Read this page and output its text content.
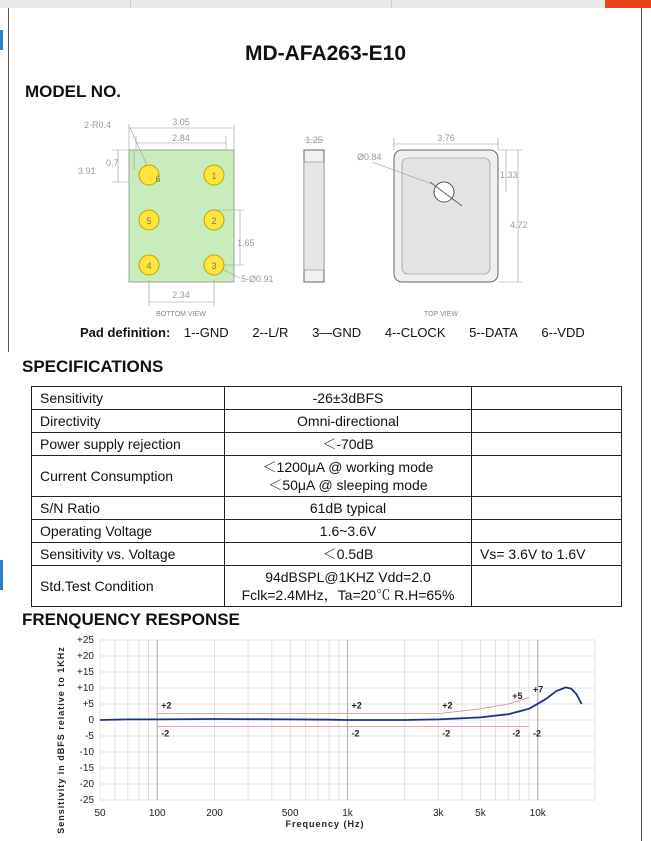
MD-AFA263-E10
MODEL NO.
1
5	2
4	3
6
2-R0.4	3.05
2.84
3.91
0.7
1.65
5-Ø0.91
2.34
BOTTOM VIEW
1.25	3.76
Ø0.84
1.33
4.72
TOP VIEW
Pad definition: 1--GND 2--L/R 3—GND 4--CLOCK 5--DATA 6--VDD
SPECIFICATIONS
Sensitivity	-26±3dBFS	
Directivity	Omni-directional	
Power supply rejection	＜-70dB	
Current Consumption	＜1200μA @ working mode
＜50μA @ sleeping mode	

S/N Ratio	61dB typical	
Operating Voltage	1.6~3.6V	
Sensitivity vs. Voltage	＜0.5dB	Vs= 3.6V to 1.6V
Std.Test Condition	94dBSPL@1KHZ Vdd=2.0
Fclk=2.4MHz，Ta=20℃ R.H=65%	

FRENQUENCY RESPONSE
+25
+20
+15
+10
+5
0
-5
-10
-15
-20
-25
50	100	200	500	1k	3k	5k	10k
+2
-2
+2
-2
+2
-2
+5
-2
+7
-2
Frequency (Hz)
Sensitivity in dBFS relative to 1KHz
